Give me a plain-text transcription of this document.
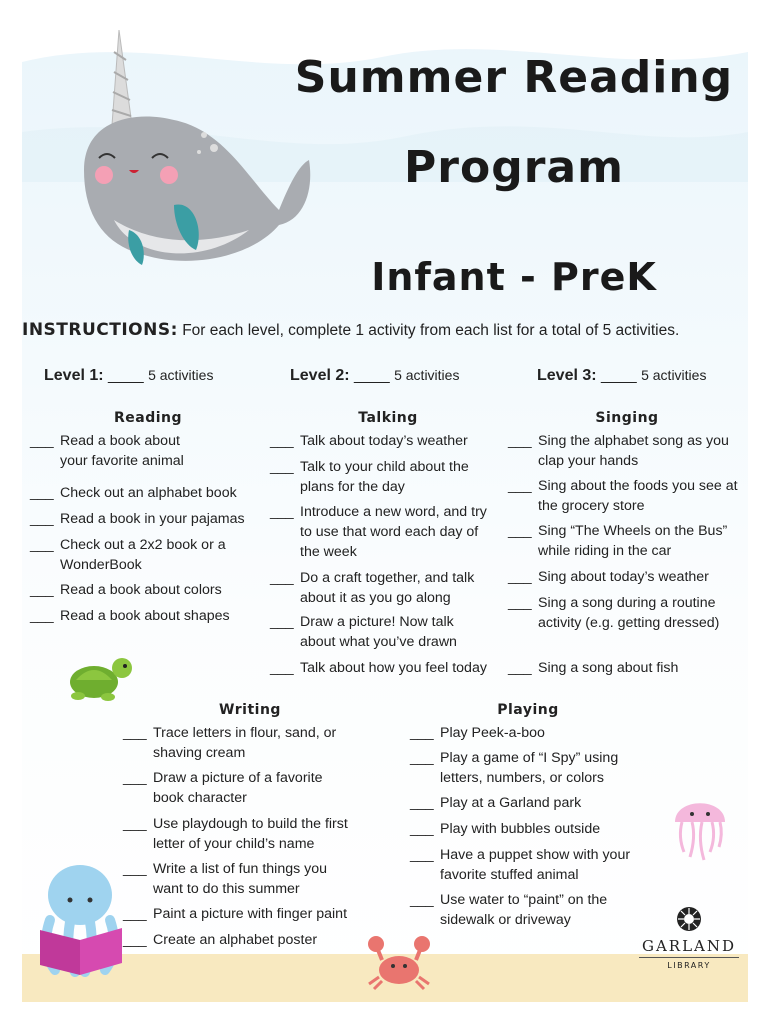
Summer Reading
Program
Infant - PreK
INSTRUCTIONS: For each level, complete 1 activity from each list for a total of 5 activities.
Level 1: ____ 5 activities	Level 2: ____ 5 activities	Level 3: ____ 5 activities
Reading	Talking	Singing
Writing	Playing
___ Read a book about your favorite animal
___ Check out an alphabet book
___ Read a book in your pajamas
___ Check out a 2x2 book or a WonderBook
___ Read a book about colors
___ Read a book about shapes
___ Talk about today’s weather
___ Talk to your child about the plans for the day
___ Introduce a new word, and try to use that word each day of the week
___ Do a craft together, and talk about it as you go along
___ Draw a picture! Now talk about what you’ve drawn
___ Talk about how you feel today
___ Sing the alphabet song as you clap your hands
___ Sing about the foods you see at the grocery store
___ Sing “The Wheels on the Bus” while riding in the car
___ Sing about today’s weather
___ Sing a song during a routine activity (e.g. getting dressed)
___ Sing a song about fish
___ Trace letters in flour, sand, or shaving cream
___ Draw a picture of a favorite book character
___ Use playdough to build the first letter of your child’s name
___ Write a list of fun things you want to do this summer
___ Paint a picture with finger paint
___ Create an alphabet poster
___ Play Peek-a-boo
___ Play a game of “I Spy” using letters, numbers, or colors
___ Play at a Garland park
___ Play with bubbles outside
___ Have a puppet show with your favorite stuffed animal
___ Use water to “paint” on the sidewalk or driveway
GARLAND
LIBRARY
